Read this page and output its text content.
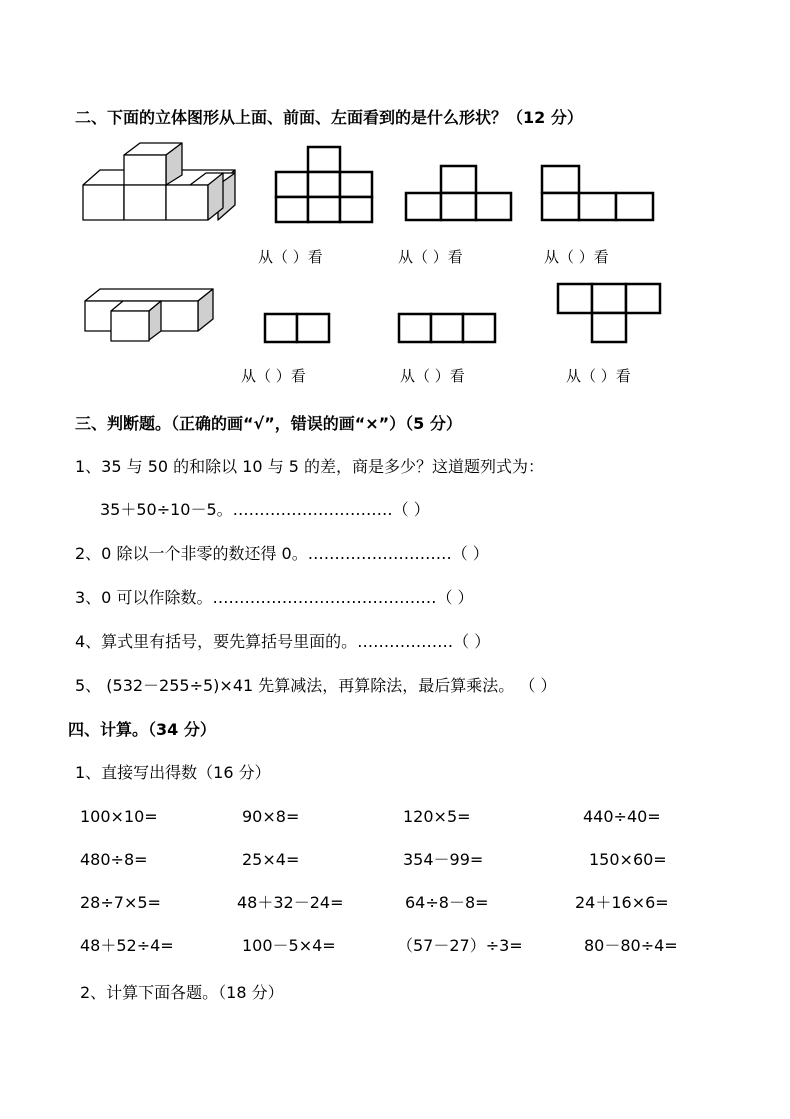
二、下面的立体图形从上面、前面、左面看到的是什么形状？（12 分）
从（ ）看	从（ ）看	从（ ）看
从（ ）看	从（ ）看	从（ ）看
三、判断题。（正确的画“√”，错误的画“×”）（5 分）
1、35 与 50 的和除以 10 与 5 的差，商是多少？这道题列式为：
35＋50÷10－5。…………………………（ ）
2、0 除以一个非零的数还得 0。………………………（ ）
3、0 可以作除数。……………………………………（ ）
4、算式里有括号，要先算括号里面的。………………（ ）
5、 (532－255÷5)×41 先算减法，再算除法，最后算乘法。 （ ）
四、计算。（34 分）
1、直接写出得数（16 分）
100×10=	90×8=	120×5=	440÷40=
480÷8=	25×4=	354－99=	150×60=
28÷7×5=	48＋32－24=	64÷8－8=	24＋16×6=
48＋52÷4=	100－5×4=	（57－27）÷3=	80－80÷4=
2、计算下面各题。（18 分）
